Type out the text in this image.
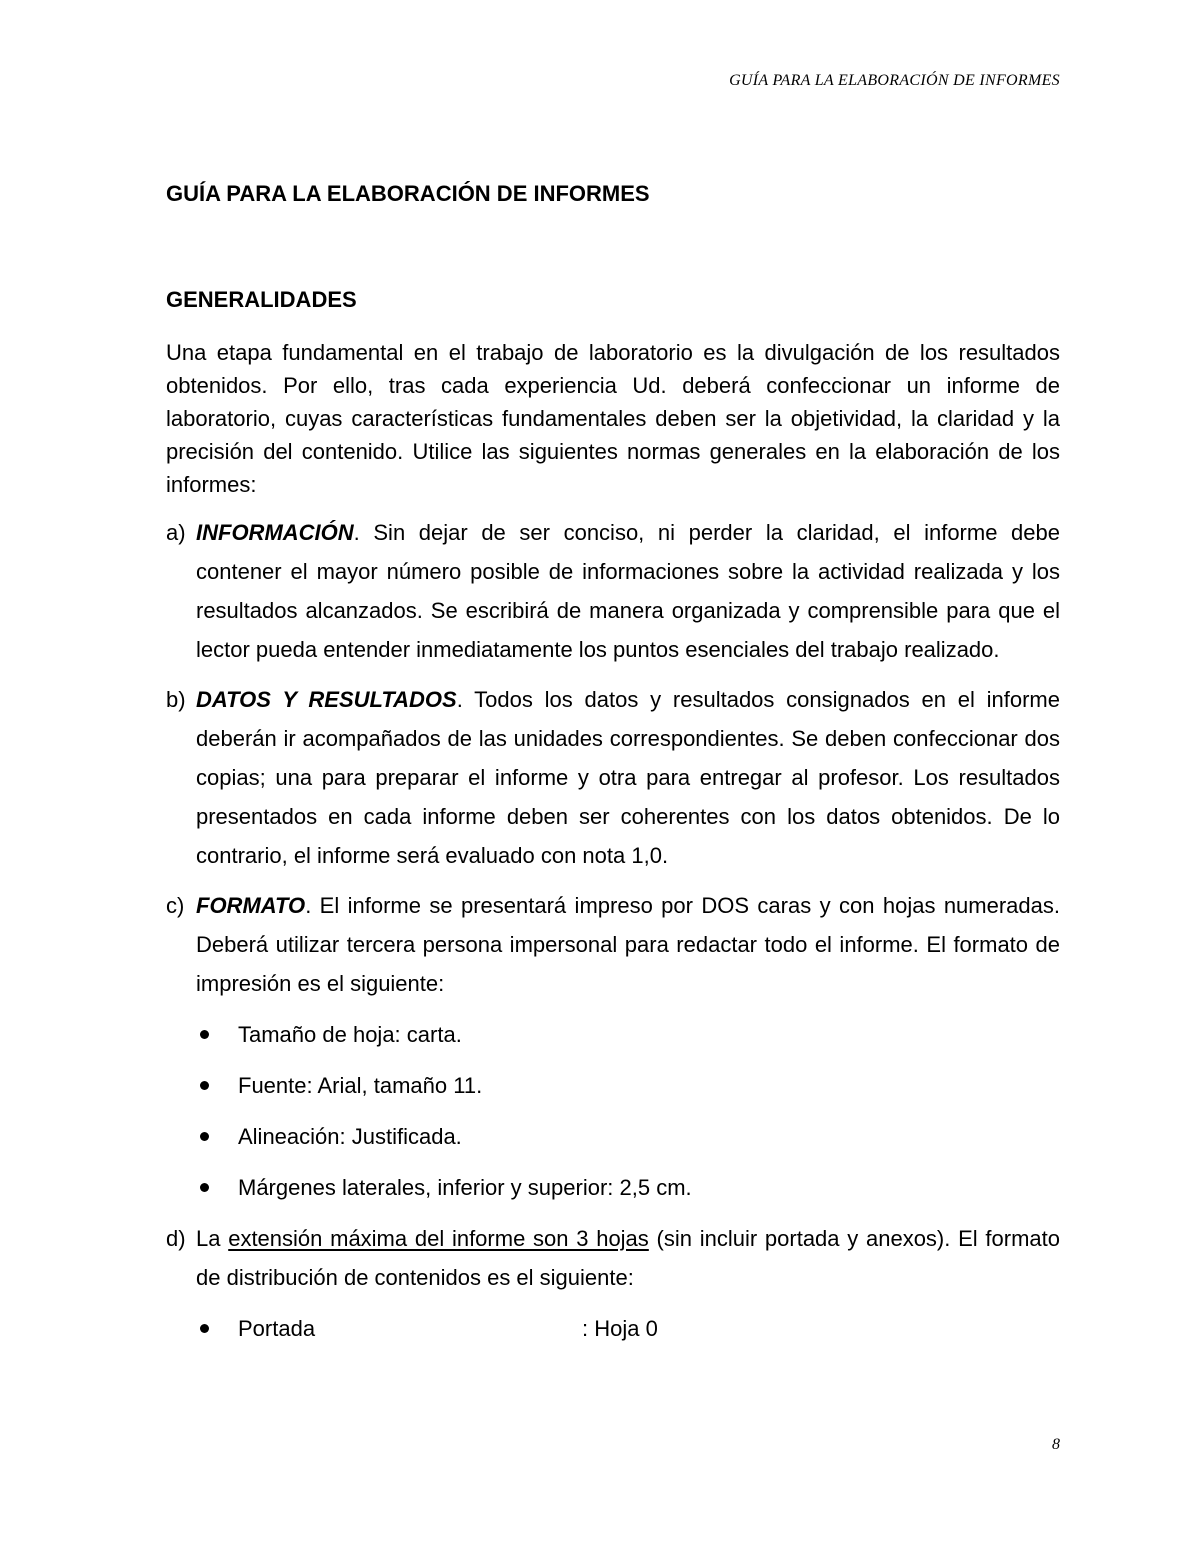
GUÍA PARA LA ELABORACIÓN DE INFORMES
GUÍA PARA LA ELABORACIÓN DE INFORMES
GENERALIDADES

Una etapa fundamental en el trabajo de laboratorio es la divulgación de los resultados obtenidos. Por ello, tras cada experiencia Ud. deberá confeccionar un informe de laboratorio, cuyas características fundamentales deben ser la objetividad, la claridad y la precisión del contenido. Utilice las siguientes normas generales en la elaboración de los informes:

a) INFORMACIÓN. Sin dejar de ser conciso, ni perder la claridad, el informe debe contener el mayor número posible de informaciones sobre la actividad realizada y los resultados alcanzados. Se escribirá de manera organizada y comprensible para que el lector pueda entender inmediatamente los puntos esenciales del trabajo realizado.
b) DATOS Y RESULTADOS. Todos los datos y resultados consignados en el informe deberán ir acompañados de las unidades correspondientes. Se deben confeccionar dos copias; una para preparar el informe y otra para entregar al profesor. Los resultados presentados en cada informe deben ser coherentes con los datos obtenidos. De lo contrario, el informe será evaluado con nota 1,0.
c) FORMATO. El informe se presentará impreso por DOS caras y con hojas numeradas. Deberá utilizar tercera persona impersonal para redactar todo el informe. El formato de impresión es el siguiente:
Tamaño de hoja: carta.
Fuente: Arial, tamaño 11.
Alineación: Justificada.
Márgenes laterales, inferior y superior: 2,5 cm.
d) La extensión máxima del informe son 3 hojas (sin incluir portada y anexos). El formato de distribución de contenidos es el siguiente:
Portada	: Hoja 0
8
